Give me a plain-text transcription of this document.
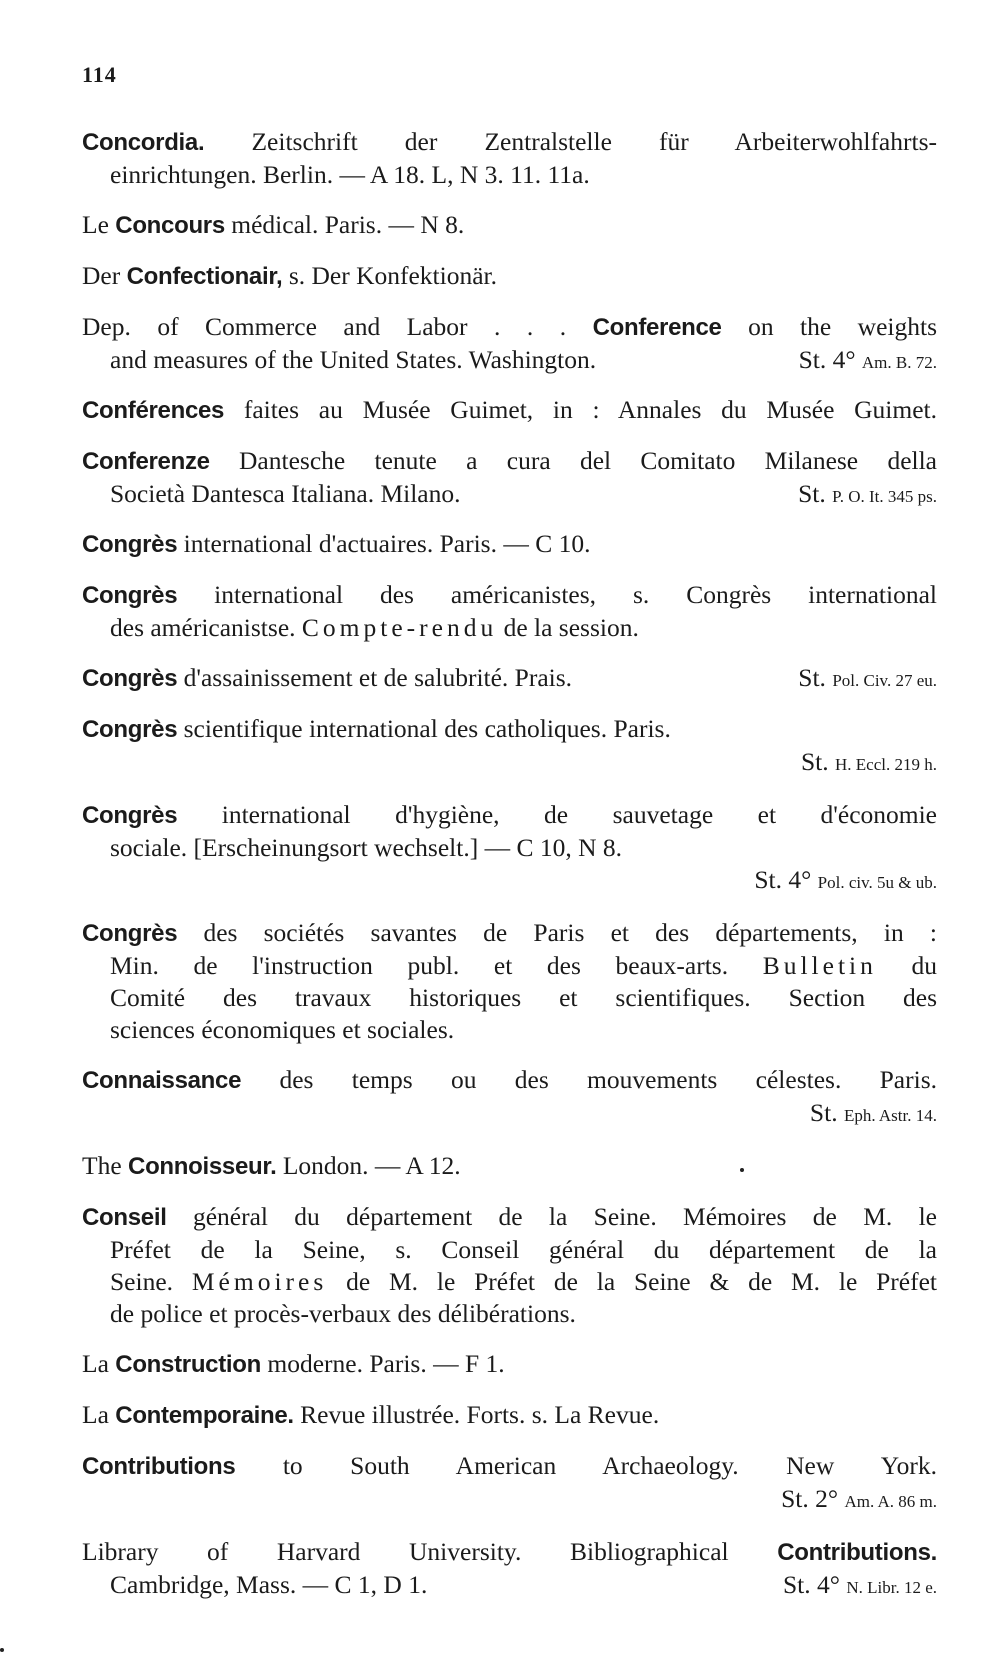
114
Concordia. Zeitschrift der Zentralstelle für Arbeiterwohlfahrts-
einrichtungen. Berlin. — A 18. L, N 3. 11. 11a.
Le Concours médical. Paris. — N 8.
Der Confectionair, s. Der Konfektionär.
Dep. of Commerce and Labor . . . Conference on the weights
and measures of the United States. Washington.	St. 4° Am. B. 72.
Conférences faites au Musée Guimet, in : Annales du Musée Guimet.
Conferenze Dantesche tenute a cura del Comitato Milanese della
Società Dantesca Italiana. Milano.	St. P. O. It. 345 ps.
Congrès international d'actuaires. Paris. — C 10.
Congrès international des américanistes, s. Congrès international
des américanistse. Compte-rendu de la session.
Congrès d'assainissement et de salubrité. Prais.	St. Pol. Civ. 27 eu.
Congrès scientifique international des catholiques. Paris.
St. H. Eccl. 219 h.
Congrès international d'hygiène, de sauvetage et d'économie
sociale. [Erscheinungsort wechselt.] — C 10, N 8.
St. 4° Pol. civ. 5u & ub.
Congrès des sociétés savantes de Paris et des départements, in :
Min. de l'instruction publ. et des beaux-arts. Bulletin du
Comité des travaux historiques et scientifiques. Section des
sciences économiques et sociales.
Connaissance des temps ou des mouvements célestes. Paris.
St. Eph. Astr. 14.
The Connoisseur. London. — A 12.
Conseil général du département de la Seine. Mémoires de M. le
Préfet de la Seine, s. Conseil général du département de la
Seine. Mémoires de M. le Préfet de la Seine & de M. le Préfet
de police et procès-verbaux des délibérations.
La Construction moderne. Paris. — F 1.
La Contemporaine. Revue illustrée. Forts. s. La Revue.
Contributions to South American Archaeology. New York.
St. 2° Am. A. 86 m.
Library of Harvard University. Bibliographical Contributions.
Cambridge, Mass. — C 1, D 1.	St. 4° N. Libr. 12 e.
